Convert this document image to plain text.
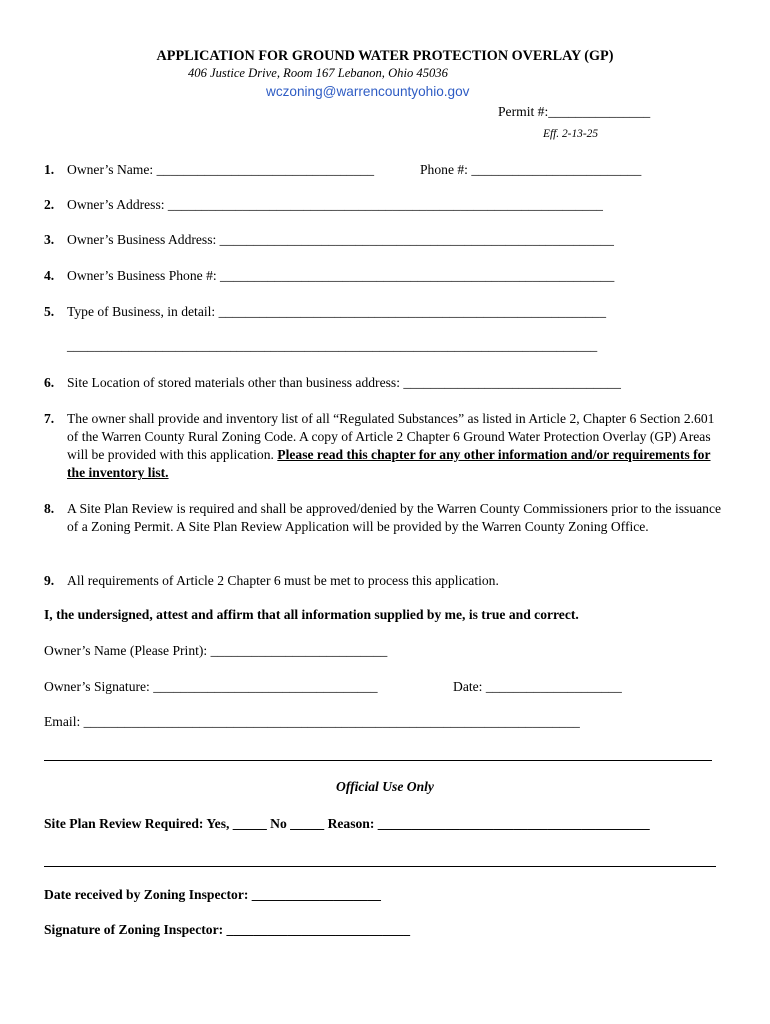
APPLICATION FOR GROUND WATER PROTECTION OVERLAY (GP)
406 Justice Drive, Room 167 Lebanon, Ohio 45036
wczoning@warrencountyohio.gov
Permit #:_______________
Eff. 2-13-25
1. Owner’s Name: ________________________________	Phone #: _________________________
2. Owner’s Address: ________________________________________________________________
3. Owner’s Business Address: __________________________________________________________
4. Owner’s Business Phone #: __________________________________________________________
5. Type of Business, in detail: _________________________________________________________
______________________________________________________________________________
6. Site Location of stored materials other than business address: ________________________________
7. The owner shall provide and inventory list of all “Regulated Substances” as listed in Article 2, Chapter 6 Section 2.601 of the Warren County Rural Zoning Code. A copy of Article 2 Chapter 6 Ground Water Protection Overlay (GP) Areas will be provided with this application. Please read this chapter for any other information and/or requirements for the inventory list.
8. A Site Plan Review is required and shall be approved/denied by the Warren County Commissioners prior to the issuance of a Zoning Permit. A Site Plan Review Application will be provided by the Warren County Zoning Office.
9. All requirements of Article 2 Chapter 6 must be met to process this application.
I, the undersigned, attest and affirm that all information supplied by me, is true and correct.
Owner’s Name (Please Print): __________________________
Owner’s Signature: _________________________________	Date: ____________________
Email: _________________________________________________________________________
Official Use Only
Site Plan Review Required: Yes, _____ No _____ Reason: ________________________________________
Date received by Zoning Inspector: ___________________
Signature of Zoning Inspector: ___________________________
